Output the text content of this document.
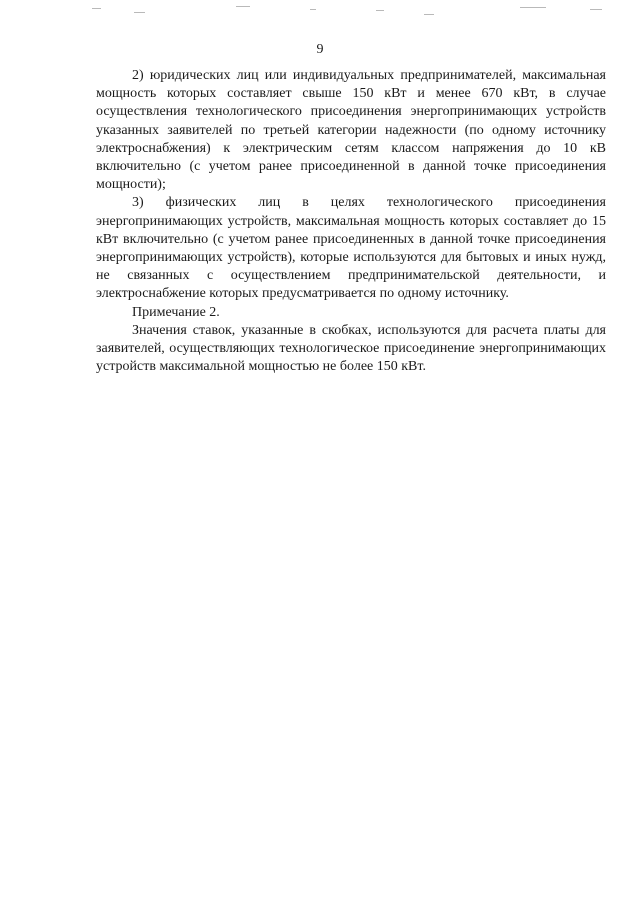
9

2) юридических лиц или индивидуальных предпринимателей, максимальная мощность которых составляет свыше 150 кВт и менее 670 кВт, в случае осуществления технологического присоединения энергопринимающих устройств указанных заявителей по третьей категории надежности (по одному источнику электроснабжения) к электрическим сетям классом напряжения до 10 кВ включительно (с учетом ранее присоединенной в данной точке присоединения мощности);

3) физических лиц в целях технологического присоединения энергопринимающих устройств, максимальная мощность которых составляет до 15 кВт включительно (с учетом ранее присоединенных в данной точке присоединения энергопринимающих устройств), которые используются для бытовых и иных нужд, не связанных с осуществлением предпринимательской деятельности, и электроснабжение которых предусматривается по одному источнику.

Примечание 2.

Значения ставок, указанные в скобках, используются для расчета платы для заявителей, осуществляющих технологическое присоединение энергопринимающих устройств максимальной мощностью не более 150 кВт.
